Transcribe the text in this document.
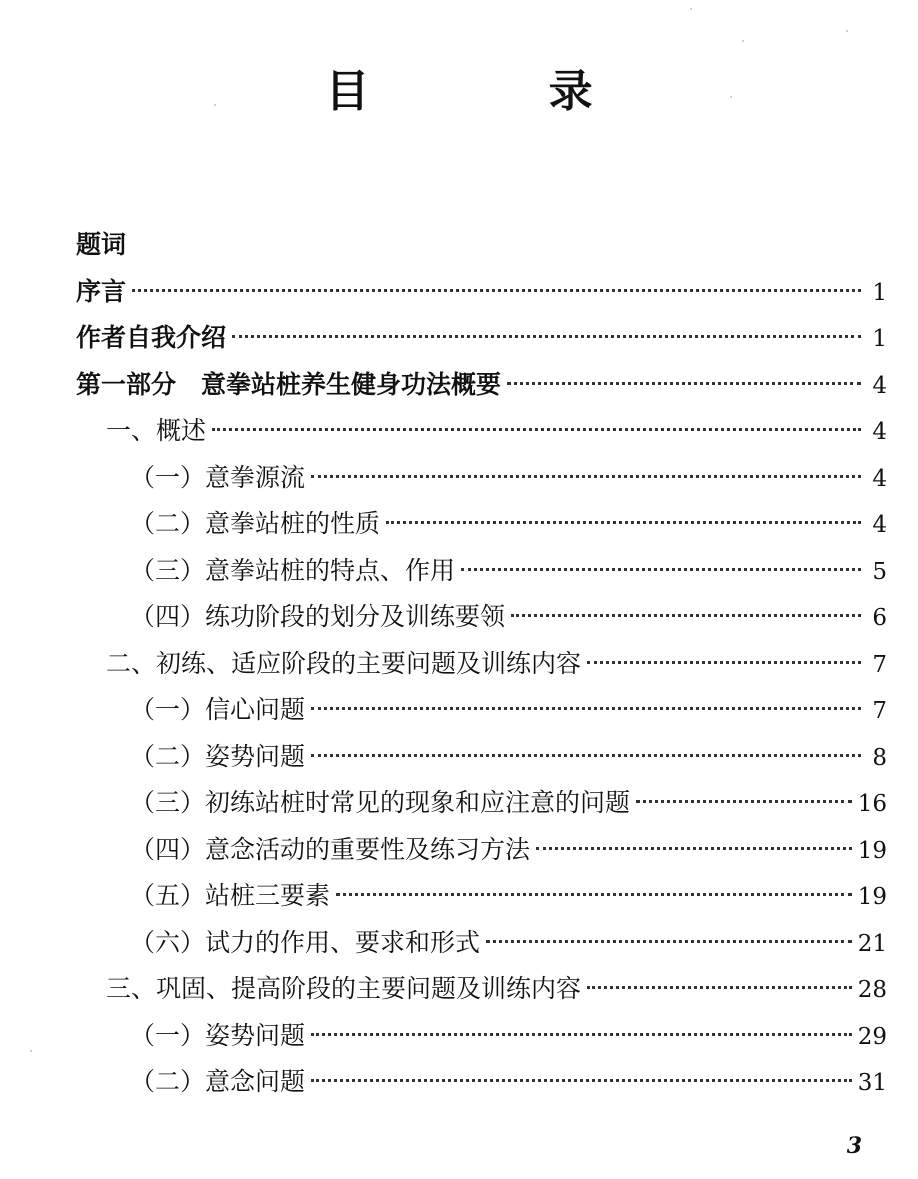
目 录
题词
序言	1
作者自我介绍	1
第一部分　意拳站桩养生健身功法概要	4
一、概述	4
（一）意拳源流	4
（二）意拳站桩的性质	4
（三）意拳站桩的特点、作用	5
（四）练功阶段的划分及训练要领	6
二、初练、适应阶段的主要问题及训练内容	7
（一）信心问题	7
（二）姿势问题	8
（三）初练站桩时常见的现象和应注意的问题	16
（四）意念活动的重要性及练习方法	19
（五）站桩三要素	19
（六）试力的作用、要求和形式	21
三、巩固、提高阶段的主要问题及训练内容	28
（一）姿势问题	29
（二）意念问题	31
3
